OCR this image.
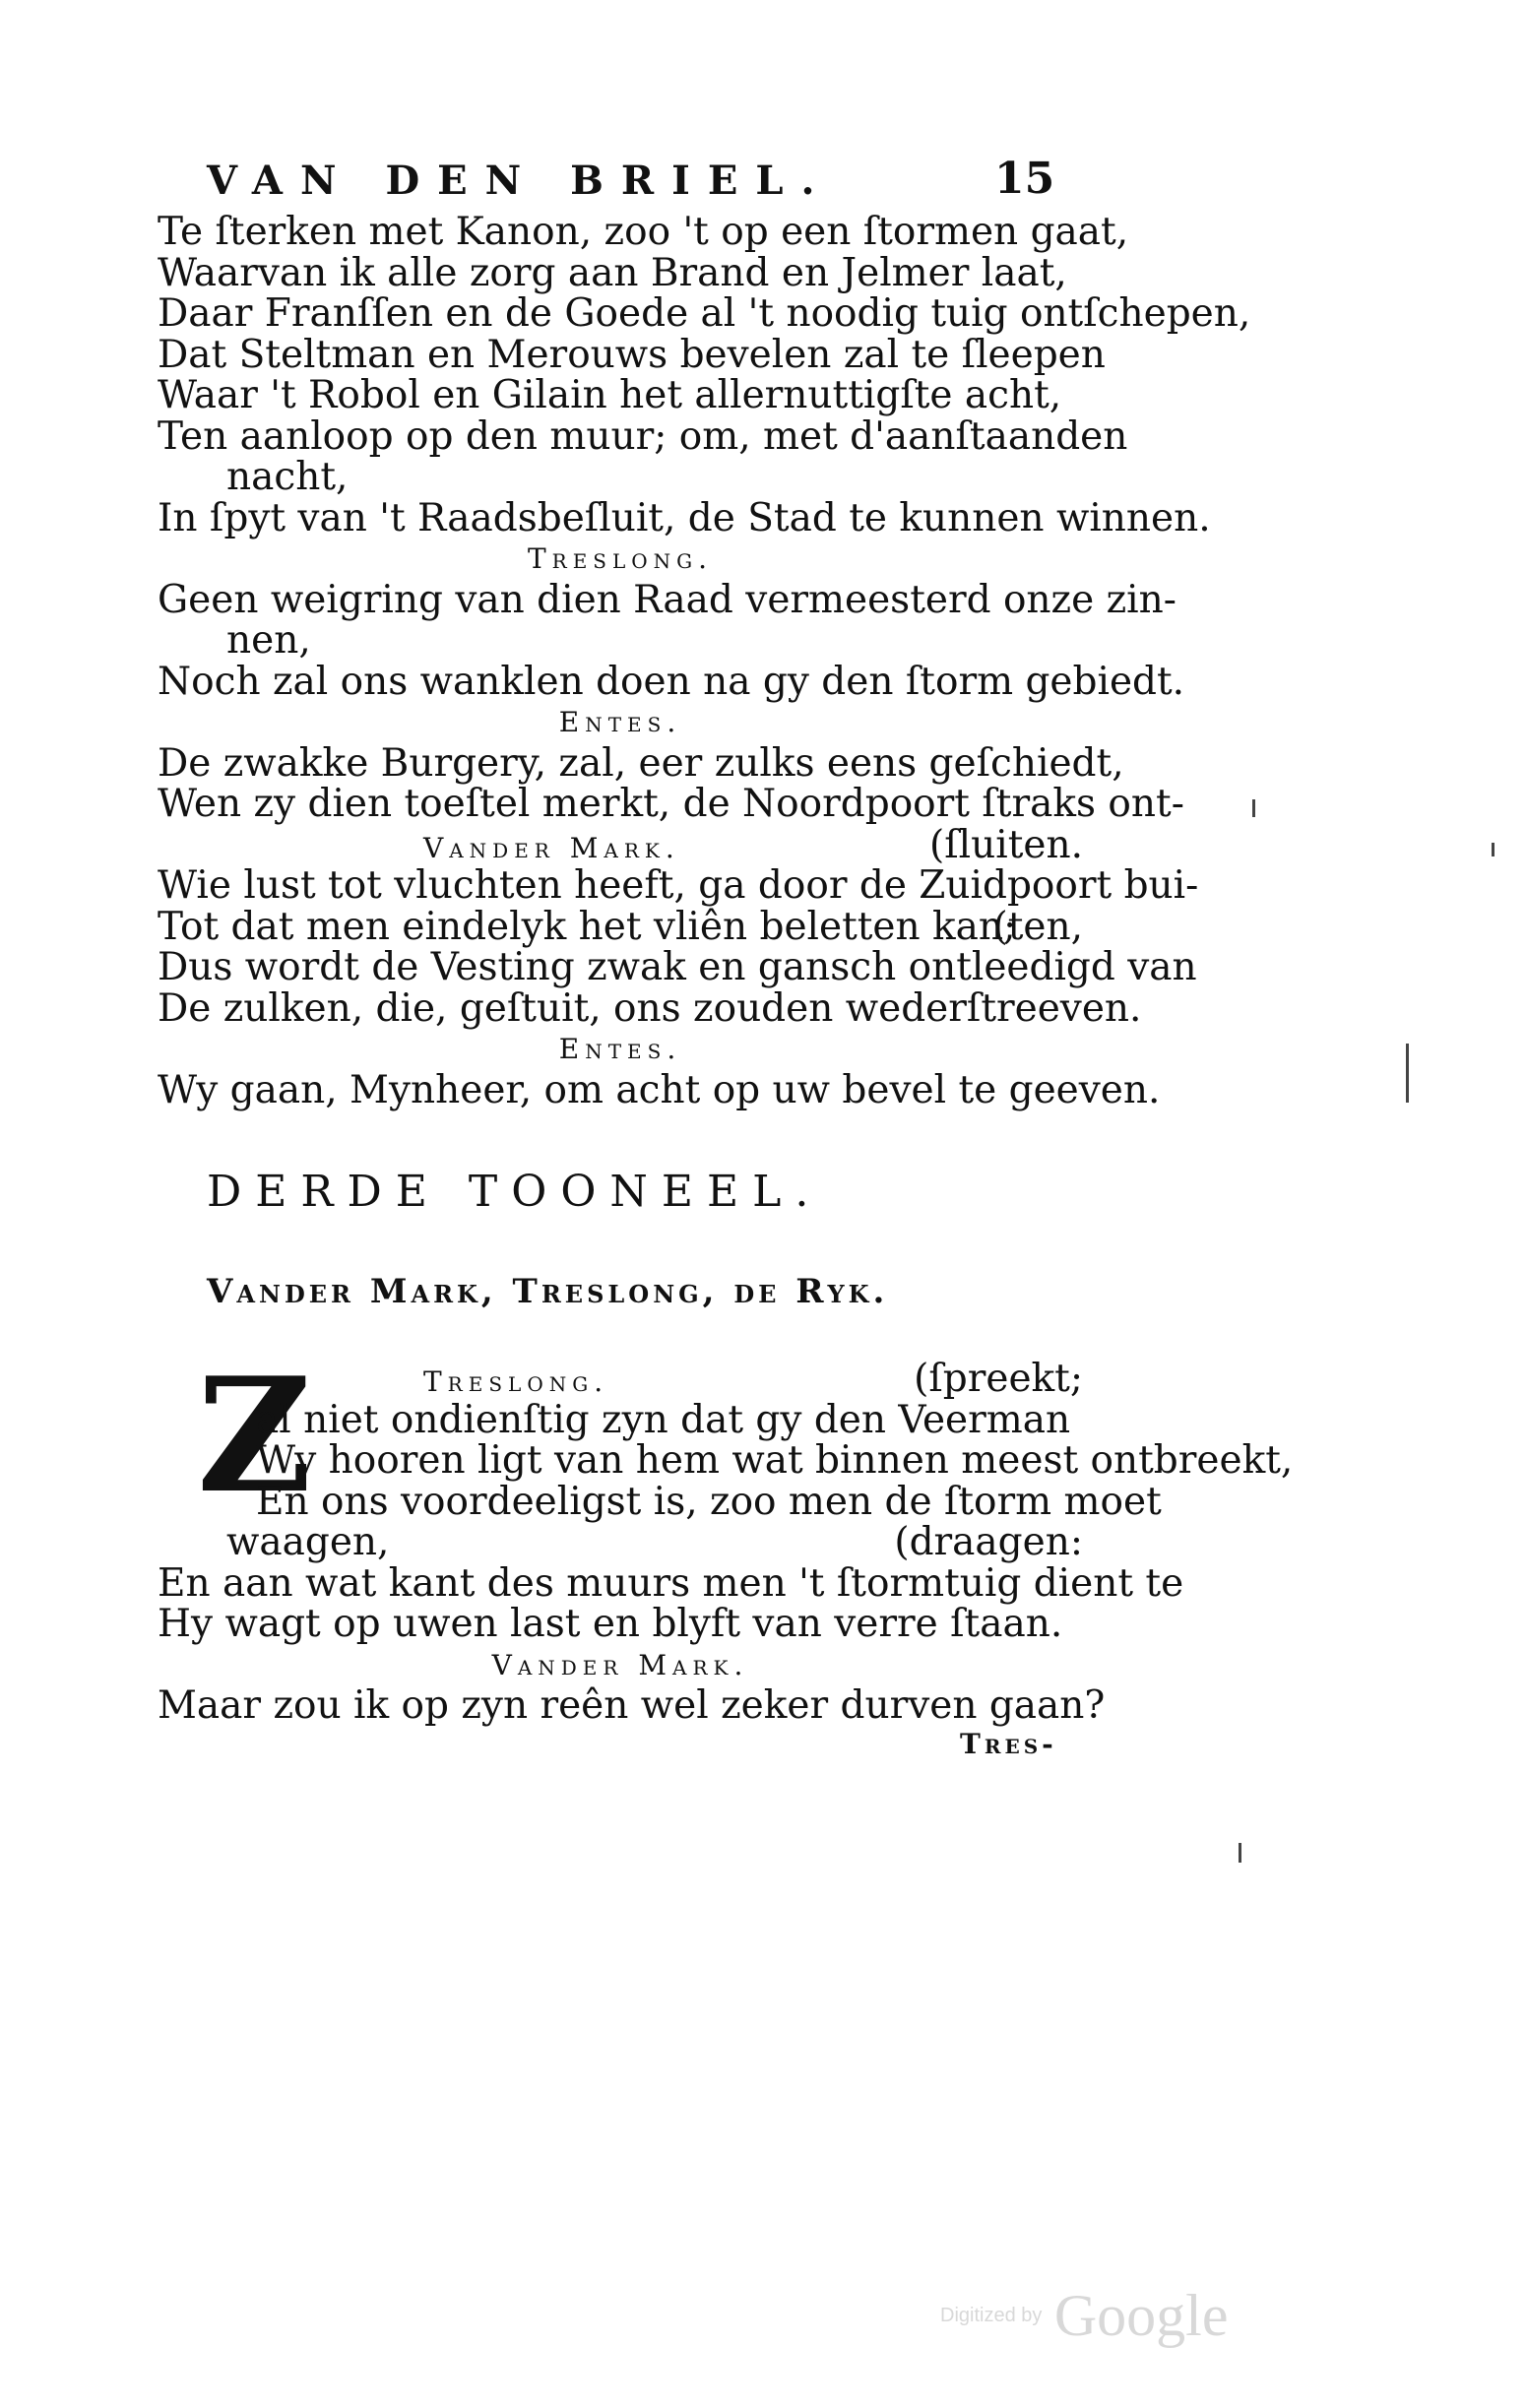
VAN DEN BRIEL.	15
Te ſterken met Kanon, zoo 't op een ſtormen gaat,
Waarvan ik alle zorg aan Brand en Jelmer laat,
Daar Franſſen en de Goede al 't noodig tuig ontſchepen,
Dat Steltman en Merouws bevelen zal te ſleepen
Waar 't Robol en Gilain het allernuttigſte acht,
Ten aanloop op den muur; om, met d'aanſtaanden
nacht,
In ſpyt van 't Raadsbeſluit, de Stad te kunnen winnen.
Treslong.
Geen weigring van dien Raad vermeesterd onze zin-
nen,
Noch zal ons wanklen doen na gy den ſtorm gebiedt.
Entes.
De zwakke Burgery, zal, eer zulks eens geſchiedt,
Wen zy dien toeſtel merkt, de Noordpoort ſtraks ont-
Vander Mark.	(ſluiten.
Wie lust tot vluchten heeft, ga door de Zuidpoort bui-
Tot dat men eindelyk het vliên beletten kan;
(ten,
Dus wordt de Vesting zwak en gansch ontleedigd van
De zulken, die, geſtuit, ons zouden wederſtreeven.
Entes.
Wy gaan, Mynheer, om acht op uw bevel te geeven.
DERDE TOONEEL.
Vander Mark, Treslong, de Ryk.
Z	Treslong.	(ſpreekt;
al niet ondienſtig zyn dat gy den Veerman
Wy hooren ligt van hem wat binnen meest ontbreekt,
En ons voordeeligst is, zoo men de ſtorm moet
waagen,	(draagen:
En aan wat kant des muurs men 't ſtormtuig dient te
Hy wagt op uwen last en blyft van verre ſtaan.
Vander Mark.
Maar zou ik op zyn reên wel zeker durven gaan?
Tres-
Digitized by Google
